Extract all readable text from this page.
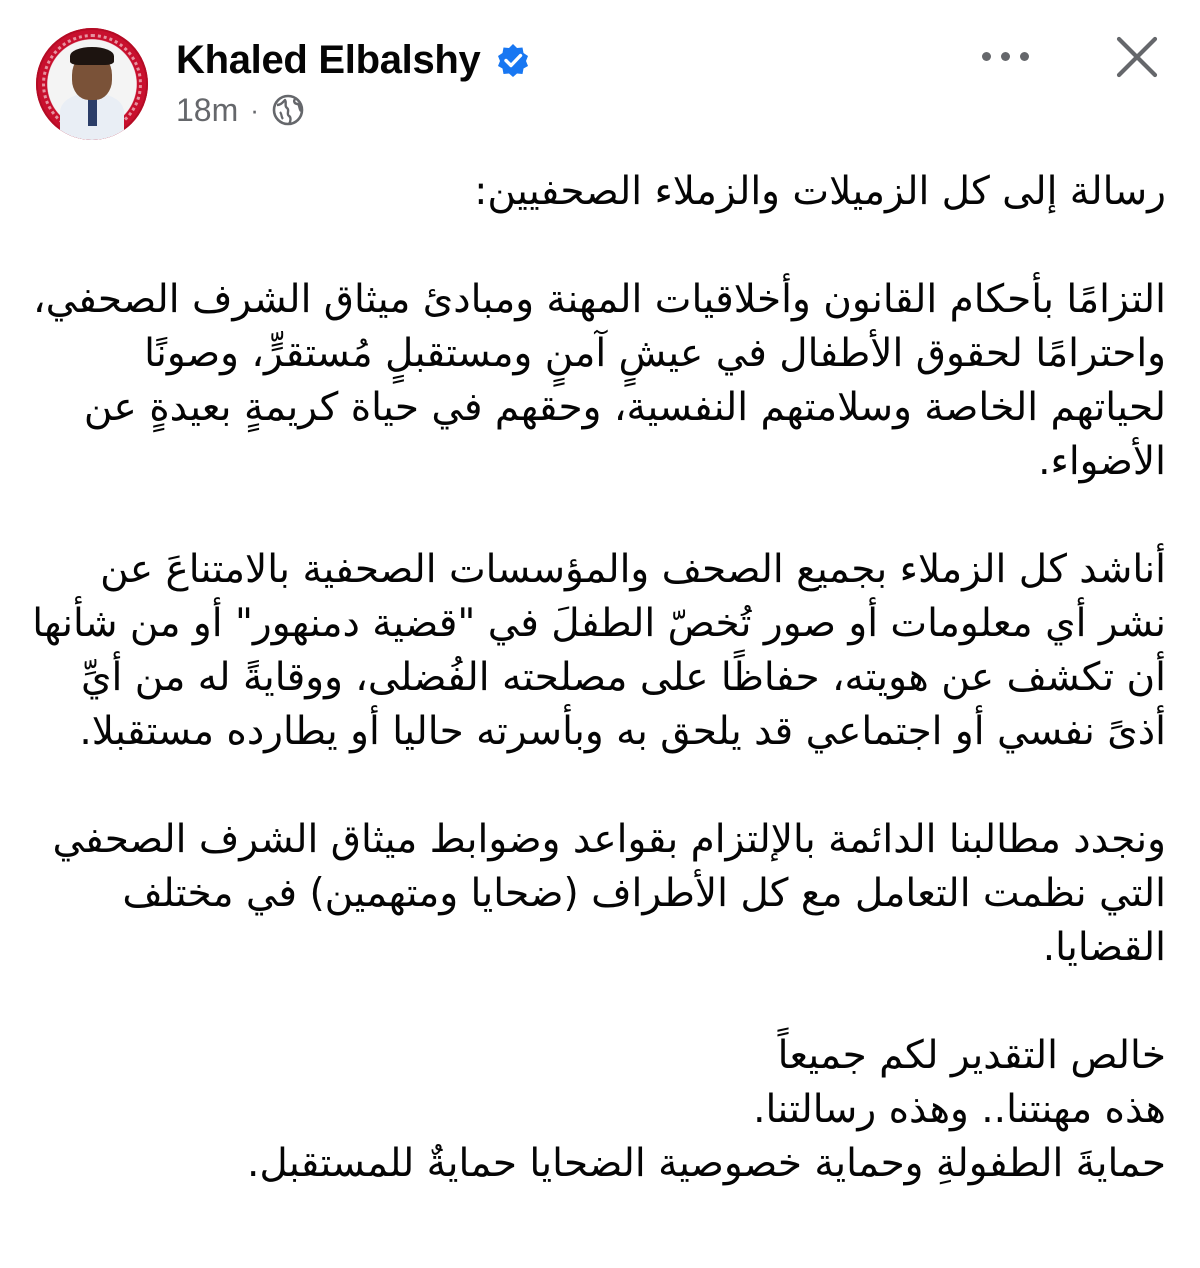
Khaled Elbalshy
18m ·

رسالة إلى كل الزميلات والزملاء الصحفيين:

التزامًا بأحكام القانون وأخلاقيات المهنة ومبادئ ميثاق الشرف الصحفي، واحترامًا لحقوق الأطفال في عيشٍ آمنٍ ومستقبلٍ مُستقرٍّ، وصونًا لحياتهم الخاصة وسلامتهم النفسية، وحقهم في حياة كريمةٍ بعيدةٍ عن الأضواء.

أناشد كل الزملاء بجميع الصحف والمؤسسات الصحفية بالامتناعَ عن نشر أي معلومات أو صور تُخصّ الطفلَ في "قضية دمنهور" أو من شأنها أن تكشف عن هويته، حفاظًا على مصلحته الفُضلى، ووقايةً له من أيِّ أذىً نفسي أو اجتماعي قد يلحق به وبأسرته حاليا أو يطارده مستقبلا.

ونجدد مطالبنا الدائمة بالإلتزام بقواعد وضوابط ميثاق الشرف الصحفي التي نظمت التعامل مع كل الأطراف (ضحايا ومتهمين) في مختلف القضايا.

خالص التقدير لكم جميعاً
هذه مهنتنا.. وهذه رسالتنا.
حمايةَ الطفولةِ وحماية خصوصية الضحايا حمايةٌ للمستقبل.
